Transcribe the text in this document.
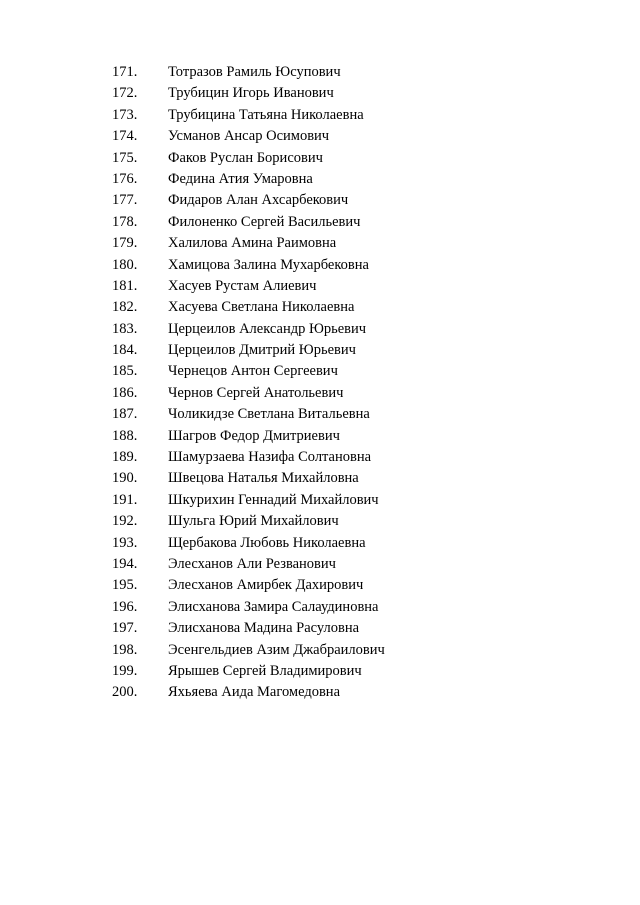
171. Тотразов Рамиль Юсупович
172. Трубицин Игорь Иванович
173. Трубицина Татьяна Николаевна
174. Усманов Ансар Осимович
175. Факов Руслан Борисович
176. Федина Атия Умаровна
177. Фидаров Алан Ахсарбекович
178. Филоненко Сергей Васильевич
179. Халилова Амина Раимовна
180. Хамицова Залина Мухарбековна
181. Хасуев Рустам Алиевич
182. Хасуева Светлана Николаевна
183. Церцеилов Александр Юрьевич
184. Церцеилов Дмитрий Юрьевич
185. Чернецов Антон Сергеевич
186. Чернов Сергей Анатольевич
187. Чоликидзе Светлана Витальевна
188. Шагров Федор Дмитриевич
189. Шамурзаева Назифа Солтановна
190. Швецова Наталья Михайловна
191. Шкурихин Геннадий Михайлович
192. Шульга Юрий Михайлович
193. Щербакова Любовь Николаевна
194. Элесханов Али Резванович
195. Элесханов Амирбек Дахирович
196. Элисханова Замира Салаудиновна
197. Элисханова Мадина Расуловна
198. Эсенгельдиев Азим Джабраилович
199. Ярышев Сергей Владимирович
200. Яхьяева Аида Магомедовна
